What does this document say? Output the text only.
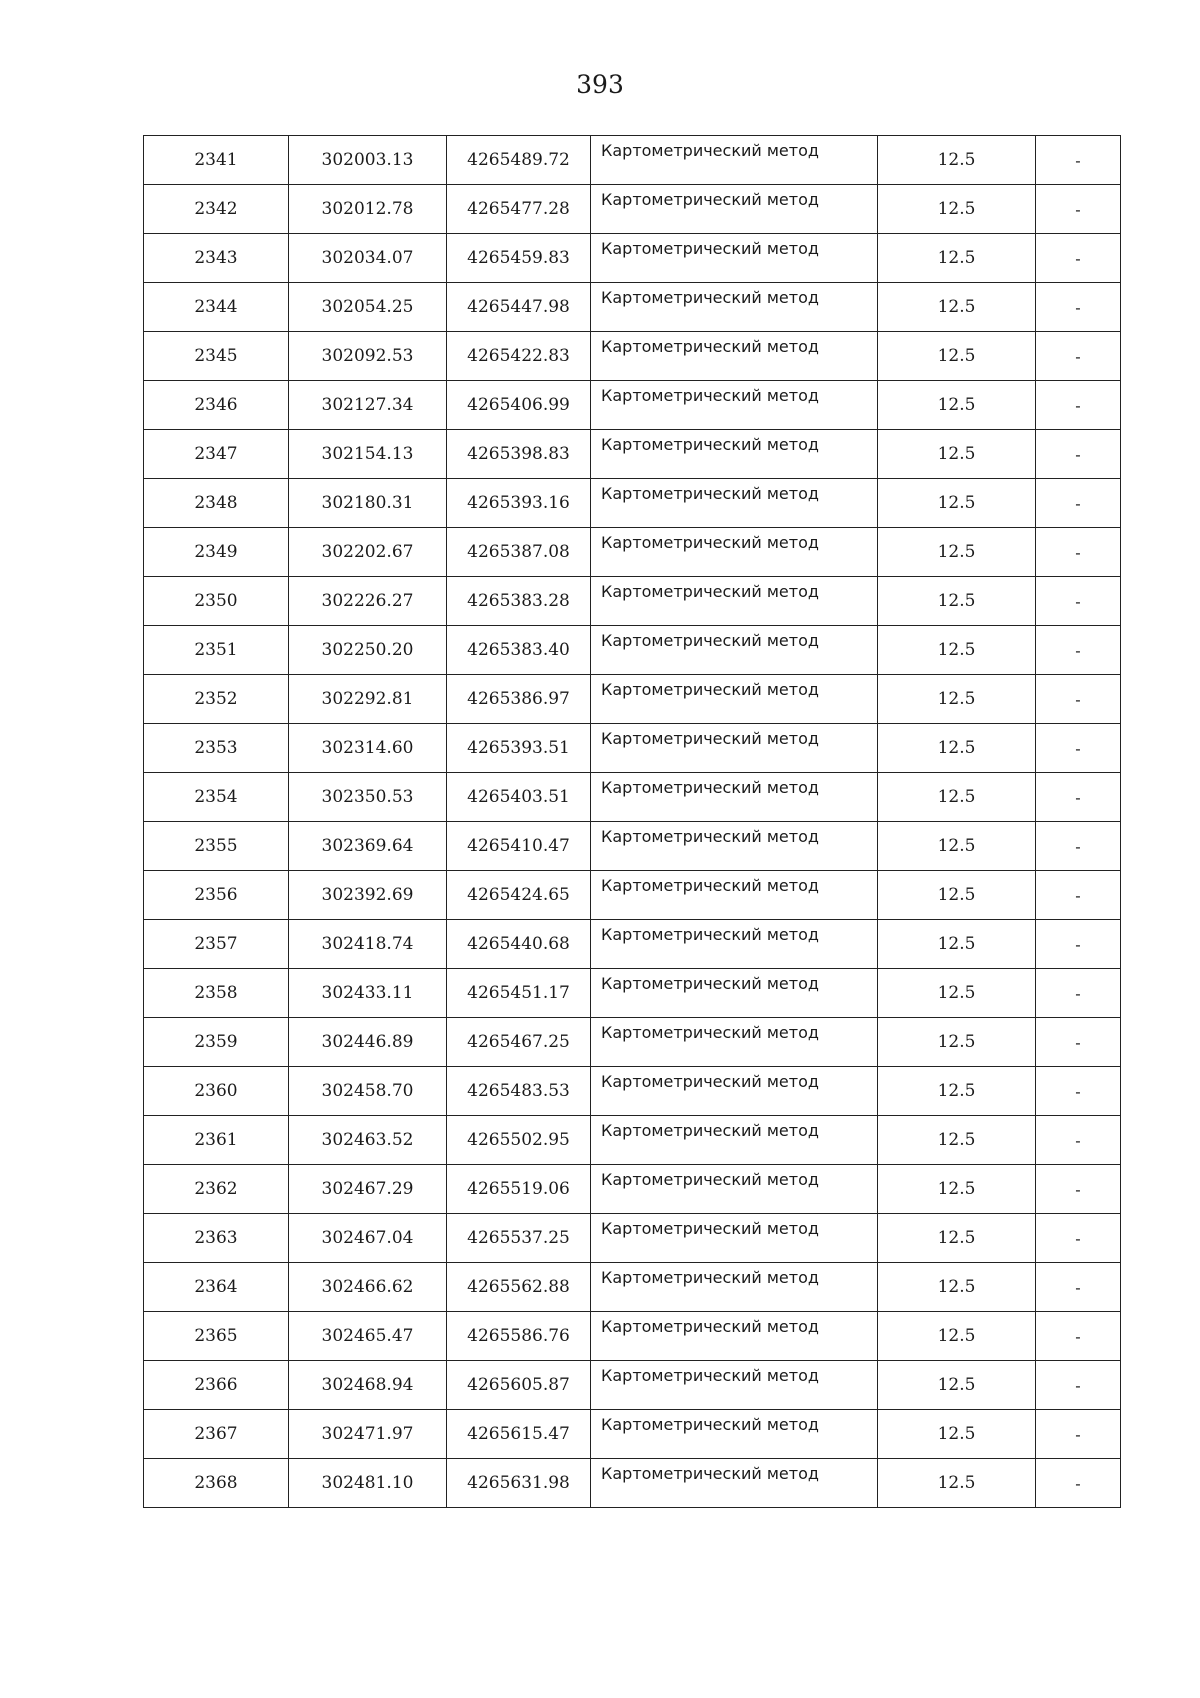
393
2341	302003.13	4265489.72	Картометрический метод	12.5	-
2342	302012.78	4265477.28	Картометрический метод	12.5	-
2343	302034.07	4265459.83	Картометрический метод	12.5	-
2344	302054.25	4265447.98	Картометрический метод	12.5	-
2345	302092.53	4265422.83	Картометрический метод	12.5	-
2346	302127.34	4265406.99	Картометрический метод	12.5	-
2347	302154.13	4265398.83	Картометрический метод	12.5	-
2348	302180.31	4265393.16	Картометрический метод	12.5	-
2349	302202.67	4265387.08	Картометрический метод	12.5	-
2350	302226.27	4265383.28	Картометрический метод	12.5	-
2351	302250.20	4265383.40	Картометрический метод	12.5	-
2352	302292.81	4265386.97	Картометрический метод	12.5	-
2353	302314.60	4265393.51	Картометрический метод	12.5	-
2354	302350.53	4265403.51	Картометрический метод	12.5	-
2355	302369.64	4265410.47	Картометрический метод	12.5	-
2356	302392.69	4265424.65	Картометрический метод	12.5	-
2357	302418.74	4265440.68	Картометрический метод	12.5	-
2358	302433.11	4265451.17	Картометрический метод	12.5	-
2359	302446.89	4265467.25	Картометрический метод	12.5	-
2360	302458.70	4265483.53	Картометрический метод	12.5	-
2361	302463.52	4265502.95	Картометрический метод	12.5	-
2362	302467.29	4265519.06	Картометрический метод	12.5	-
2363	302467.04	4265537.25	Картометрический метод	12.5	-
2364	302466.62	4265562.88	Картометрический метод	12.5	-
2365	302465.47	4265586.76	Картометрический метод	12.5	-
2366	302468.94	4265605.87	Картометрический метод	12.5	-
2367	302471.97	4265615.47	Картометрический метод	12.5	-
2368	302481.10	4265631.98	Картометрический метод	12.5	-
